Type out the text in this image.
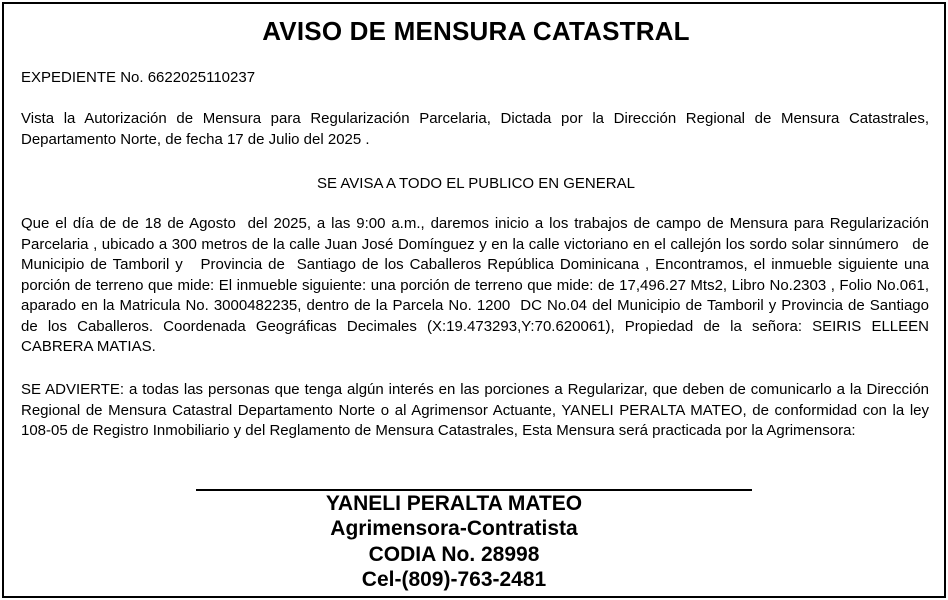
AVISO DE MENSURA CATASTRAL
EXPEDIENTE No. 6622025110237
Vista la Autorización de Mensura para Regularización Parcelaria, Dictada por la Dirección Regional de Mensura Catastrales, Departamento Norte, de fecha 17 de Julio del 2025 .
SE AVISA A TODO EL PUBLICO EN GENERAL
Que el día de de 18 de Agosto  del 2025, a las 9:00 a.m., daremos inicio a los trabajos de campo de Mensura para Regularización Parcelaria , ubicado a 300 metros de la calle Juan José Domínguez y en la calle victoriano en el callejón los sordo solar sinnúmero   de Municipio de Tamboril y   Provincia de  Santiago de los Caballeros República Dominicana , Encontramos, el inmueble siguiente una porción de terreno que mide: El inmueble siguiente: una porción de terreno que mide: de 17,496.27 Mts2, Libro No.2303 , Folio No.061,  aparado en la Matricula No. 3000482235, dentro de la Parcela No. 1200  DC No.04 del Municipio de Tamboril y Provincia de Santiago de los Caballeros. Coordenada Geográficas Decimales (X:19.473293,Y:70.620061), Propiedad de la señora: SEIRIS ELLEEN  CABRERA MATIAS.
SE ADVIERTE: a todas las personas que tenga algún interés en las porciones a Regularizar, que deben de comunicarlo a la Dirección Regional de Mensura Catastral Departamento Norte o al Agrimensor Actuante, YANELI PERALTA MATEO, de conformidad con la ley 108-05 de Registro Inmobiliario y del Reglamento de Mensura Catastrales, Esta Mensura será practicada por la Agrimensora:
YANELI PERALTA MATEO
Agrimensora-Contratista
CODIA No. 28998
Cel-(809)-763-2481
